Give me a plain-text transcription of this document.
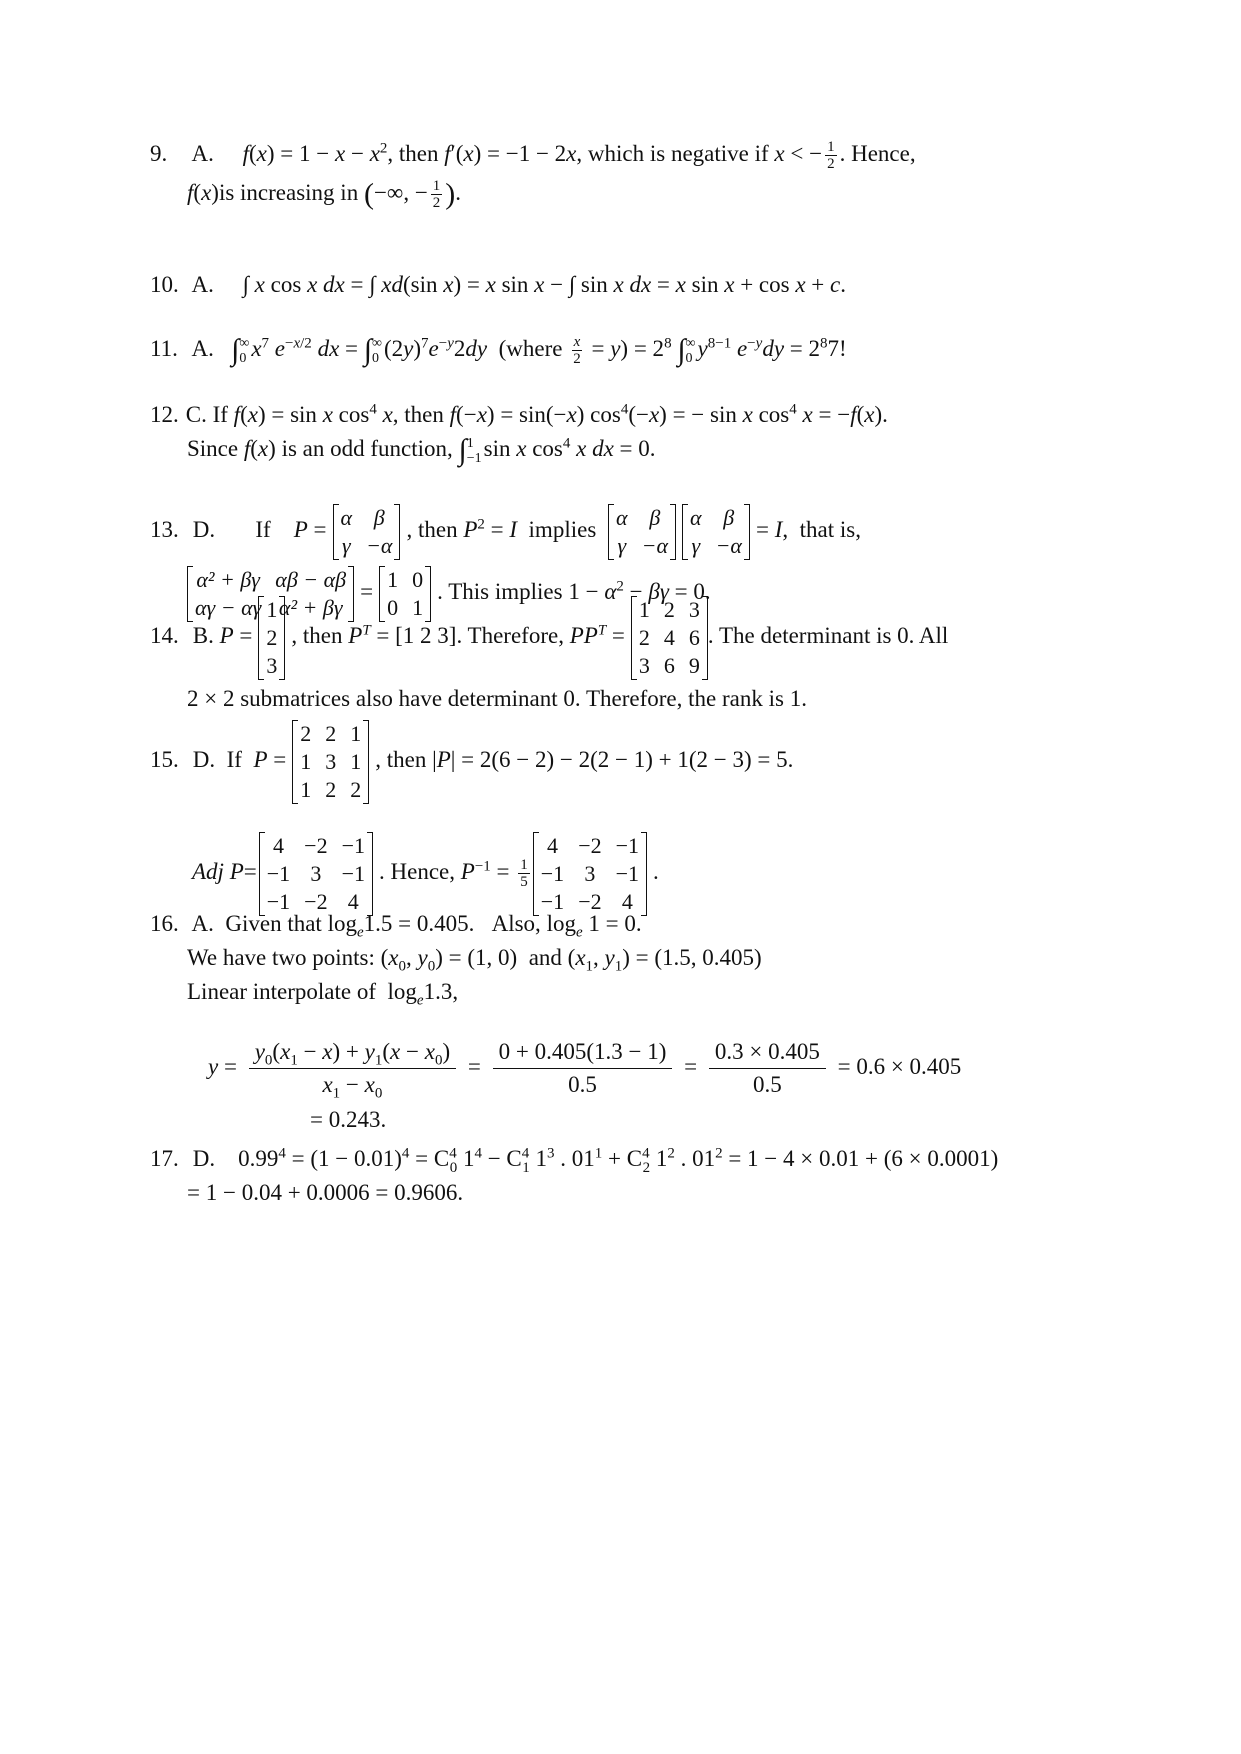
9. A. $f(x) = 1 - x - x^2$, then f′(x) = −1 − 2x, which is negative if x < − $\frac{1}{2}$ . Hence,
f(x)is increasing in (−∞, − $\frac{1}{2}$ ).
10. A.     ∫ x cos x dx = ∫ xd(sin x) = x sin x − ∫ sin x dx = x sin x + cos x + c.
11. A. ∫ ∞
0 $x^7$ $e^{-x/2}$ dx = ∫ ∞
0 $(2y)^7e^{-y}2dy$ (where $\frac{x}{2} = y) = 2^8$ ∫ ∞
0 $y^{8-1}$ $e^{-y}dy = 2^87$!
12. C. If f(x) = sin x $\cos^4 x$, then f(−x) = sin(−x) $\cos^4(-x)$ = − sin x $\cos^4 x = -f(x)$.
Since f(x) is an odd function, ∫ 1
−1 sin x $\cos^4 x$ dx = 0.
13. D. If P = α	β
γ	−α
, then $P^2 = I$ implies α	β
γ	−α
α	β
γ	−α
= I,  that is,
α² + βγ	αβ − αβ
αγ − αγ	α² + βγ
= 1	0
0	1
. This implies $1 - \alpha^2 - \beta\gamma = 0$.
14. B. P =
1
2
3
, then $P^T = [1$ 2 3]. Therefore, $PP^T$ =
1	2	3
2	4	6
3	6	9
. The determinant is 0. All
2 × 2 submatrices also have determinant 0. Therefore, the rank is 1.
15. D. If P =
2	2	1
1	3	1
1	2	2
, then |P| = 2(6 − 2) − 2(2 − 1) + 1(2 − 3) = 5.
Adj P=
4	−2	−1
−1	3	−1
−1	−2	4
. Hence, $P^{-1} = \frac{1}{5}$
4	−2	−1
−1	3	−1
−1	−2	4
.
16. A. Given that $\log_e1.5 = 0.405$.   Also, $\log_e 1 = 0$.
We have two points: ($x_0$, $y_0) = (1$, 0)  and ($x_1$, $y_1) = (1.5$, 0.405)
Linear interpolate of  $\log_e1.3$,
$y = \frac{y_0(x_1 - x) + y_1(x - x_0)}{x_1 - x_0} = \frac{0 + 0.405(1.3 - 1)}{0.5} = \frac{0.3 \times 0.405}{0.5} = 0.6 \times 0.405$
= 0.243.
17. D.    $0.99^4 = (1 - 0.01)^4 = C^4_0$ $1^4 - C^4_1$ $1^3$ . $01^1 + C^4_2$ $1^2$ . $01^2 = 1 - 4 \times 0.01 + (6 \times 0.0001)$
= 1 − 0.04 + 0.0006 = 0.9606.
